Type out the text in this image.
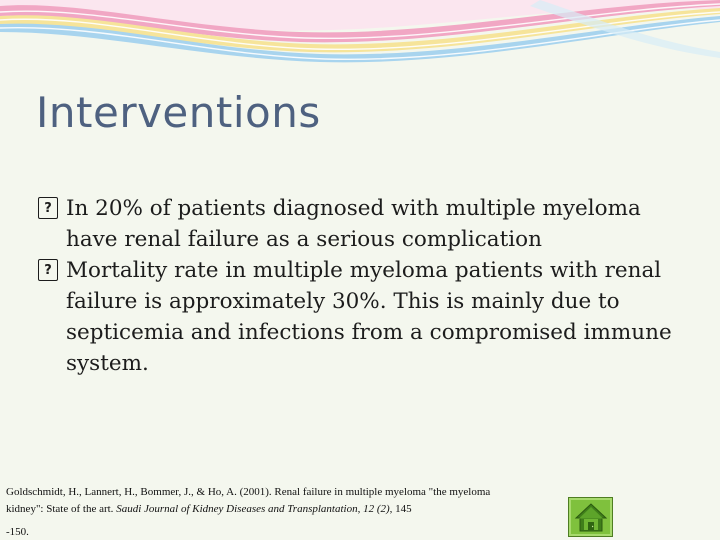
Interventions
? In 20% of patients diagnosed with multiple myeloma have renal failure as a serious complication
? Mortality rate in multiple myeloma patients with renal failure is approximately 30%. This is mainly due to septicemia and infections from a compromised immune system.
Goldschmidt, H., Lannert, H., Bommer, J., & Ho, A. (2001). Renal failure in multiple myeloma "the myeloma kidney": State of the art. Saudi Journal of Kidney Diseases and Transplantation, 12 (2), 145
-150.
